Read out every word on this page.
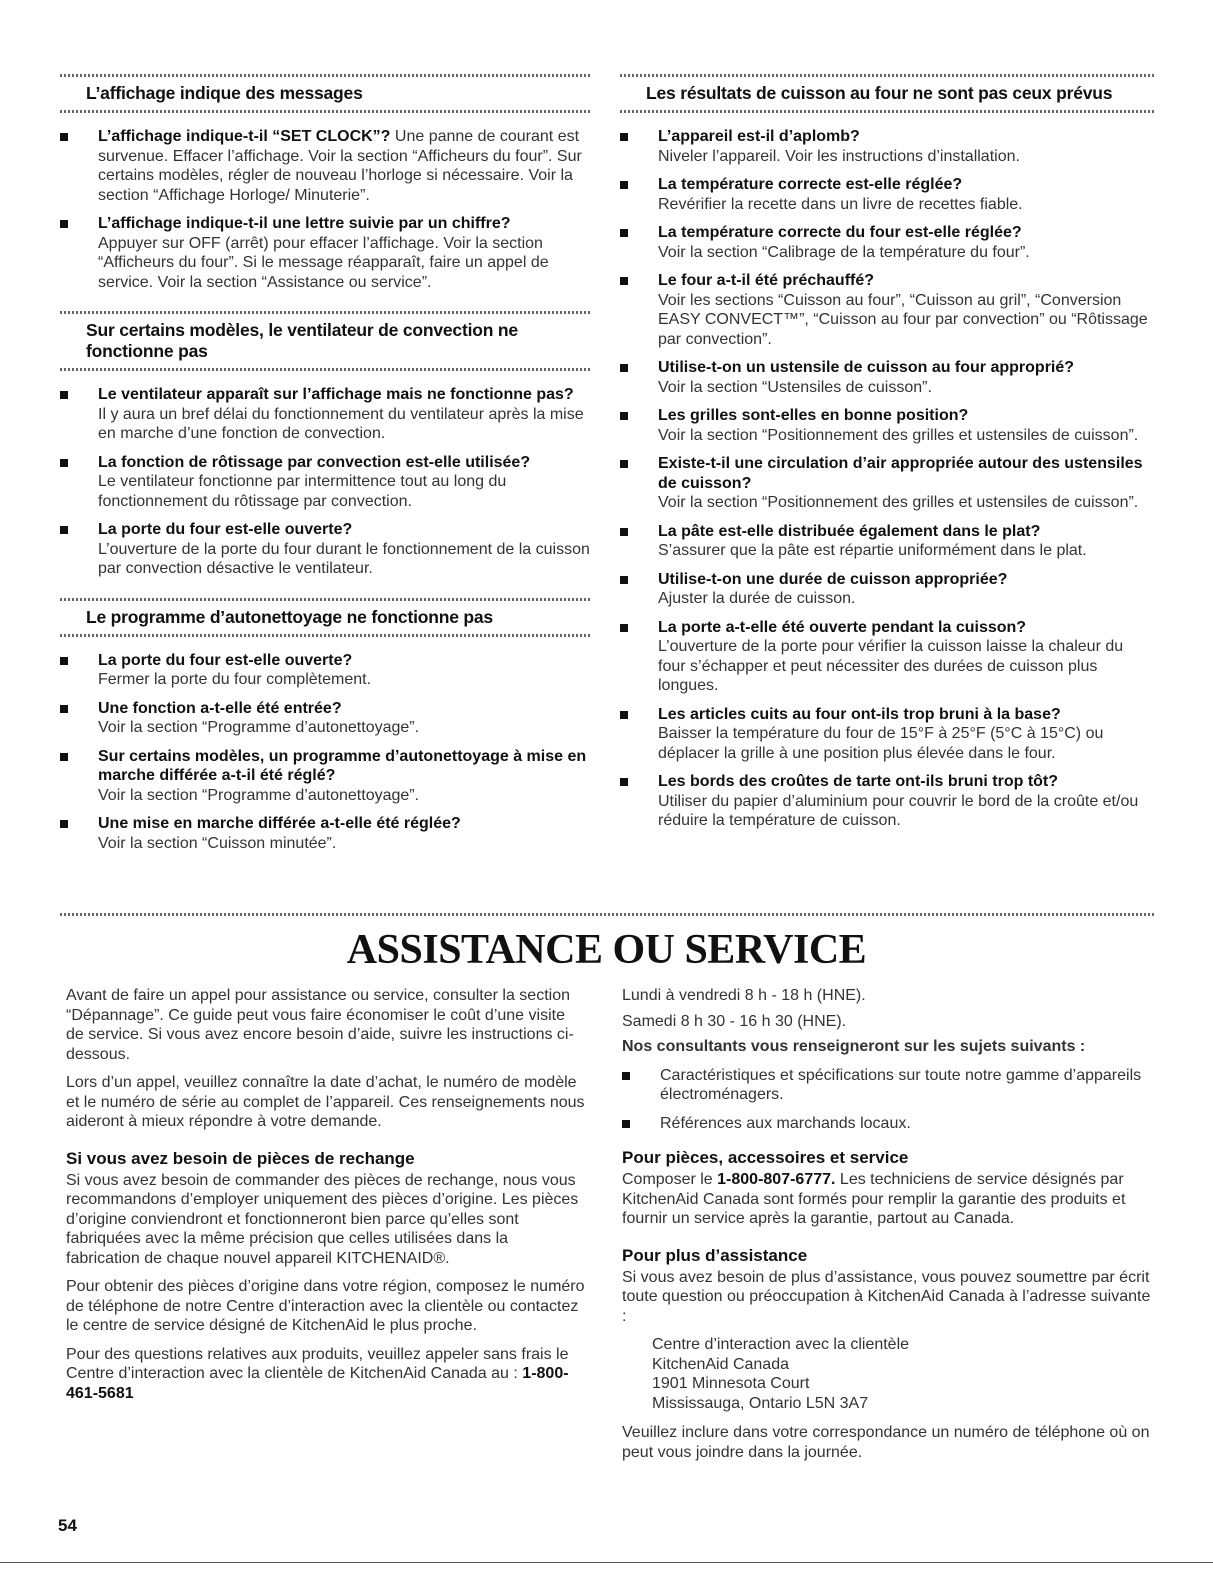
L’affichage indique des messages
L’affichage indique-t-il “SET CLOCK”? Une panne de courant est survenue. Effacer l’affichage. Voir la section “Afficheurs du four”. Sur certains modèles, régler de nouveau l’horloge si nécessaire. Voir la section “Affichage Horloge/ Minuterie”.
L’affichage indique-t-il une lettre suivie par un chiffre?
Appuyer sur OFF (arrêt) pour effacer l’affichage. Voir la section “Afficheurs du four”. Si le message réapparaît, faire un appel de service. Voir la section “Assistance ou service”.
Sur certains modèles, le ventilateur de convection ne fonctionne pas
Le ventilateur apparaît sur l’affichage mais ne fonctionne pas?
Il y aura un bref délai du fonctionnement du ventilateur après la mise en marche d’une fonction de convection.
La fonction de rôtissage par convection est-elle utilisée?
Le ventilateur fonctionne par intermittence tout au long du fonctionnement du rôtissage par convection.
La porte du four est-elle ouverte?
L’ouverture de la porte du four durant le fonctionnement de la cuisson par convection désactive le ventilateur.
Le programme d’autonettoyage ne fonctionne pas
La porte du four est-elle ouverte?
Fermer la porte du four complètement.
Une fonction a-t-elle été entrée?
Voir la section “Programme d’autonettoyage”.
Sur certains modèles, un programme d’autonettoyage à mise en marche différée a-t-il été réglé?
Voir la section “Programme d’autonettoyage”.
Une mise en marche différée a-t-elle été réglée?
Voir la section “Cuisson minutée”.
Les résultats de cuisson au four ne sont pas ceux prévus
L’appareil est-il d’aplomb?
Niveler l’appareil. Voir les instructions d’installation.
La température correcte est-elle réglée?
Revérifier la recette dans un livre de recettes fiable.
La température correcte du four est-elle réglée?
Voir la section “Calibrage de la température du four”.
Le four a-t-il été préchauffé?
Voir les sections “Cuisson au four”, “Cuisson au gril”, “Conversion EASY CONVECT™”, “Cuisson au four par convection” ou “Rôtissage par convection”.
Utilise-t-on un ustensile de cuisson au four approprié?
Voir la section “Ustensiles de cuisson”.
Les grilles sont-elles en bonne position?
Voir la section “Positionnement des grilles et ustensiles de cuisson”.
Existe-t-il une circulation d’air appropriée autour des ustensiles de cuisson?
Voir la section “Positionnement des grilles et ustensiles de cuisson”.
La pâte est-elle distribuée également dans le plat?
S’assurer que la pâte est répartie uniformément dans le plat.
Utilise-t-on une durée de cuisson appropriée?
Ajuster la durée de cuisson.
La porte a-t-elle été ouverte pendant la cuisson?
L’ouverture de la porte pour vérifier la cuisson laisse la chaleur du four s’échapper et peut nécessiter des durées de cuisson plus longues.
Les articles cuits au four ont-ils trop bruni à la base?
Baisser la température du four de 15°F à 25°F (5°C à 15°C) ou déplacer la grille à une position plus élevée dans le four.
Les bords des croûtes de tarte ont-ils bruni trop tôt?
Utiliser du papier d’aluminium pour couvrir le bord de la croûte et/ou réduire la température de cuisson.
ASSISTANCE OU SERVICE

Avant de faire un appel pour assistance ou service, consulter la section “Dépannage”. Ce guide peut vous faire économiser le coût d’une visite de service. Si vous avez encore besoin d’aide, suivre les instructions ci-dessous.

Lors d’un appel, veuillez connaître la date d’achat, le numéro de modèle et le numéro de série au complet de l’appareil. Ces renseignements nous aideront à mieux répondre à votre demande.

Si vous avez besoin de pièces de rechange

Si vous avez besoin de commander des pièces de rechange, nous vous recommandons d’employer uniquement des pièces d’origine. Les pièces d’origine conviendront et fonctionneront bien parce qu’elles sont fabriquées avec la même précision que celles utilisées dans la fabrication de chaque nouvel appareil KITCHENAID®.

Pour obtenir des pièces d’origine dans votre région, composez le numéro de téléphone de notre Centre d’interaction avec la clientèle ou contactez le centre de service désigné de KitchenAid le plus proche.

Pour des questions relatives aux produits, veuillez appeler sans frais le Centre d’interaction avec la clientèle de KitchenAid Canada au : 1-800-461-5681

Lundi à vendredi 8 h - 18 h (HNE).

Samedi 8 h 30 - 16 h 30 (HNE).

Nos consultants vous renseigneront sur les sujets suivants :

Caractéristiques et spécifications sur toute notre gamme d’appareils électroménagers.
Références aux marchands locaux.
Pour pièces, accessoires et service

Composer le 1-800-807-6777. Les techniciens de service désignés par KitchenAid Canada sont formés pour remplir la garantie des produits et fournir un service après la garantie, partout au Canada.

Pour plus d’assistance

Si vous avez besoin de plus d’assistance, vous pouvez soumettre par écrit toute question ou préoccupation à KitchenAid Canada à l’adresse suivante :

Centre d’interaction avec la clientèle
KitchenAid Canada
1901 Minnesota Court
Mississauga, Ontario L5N 3A7

Veuillez inclure dans votre correspondance un numéro de téléphone où on peut vous joindre dans la journée.

54
